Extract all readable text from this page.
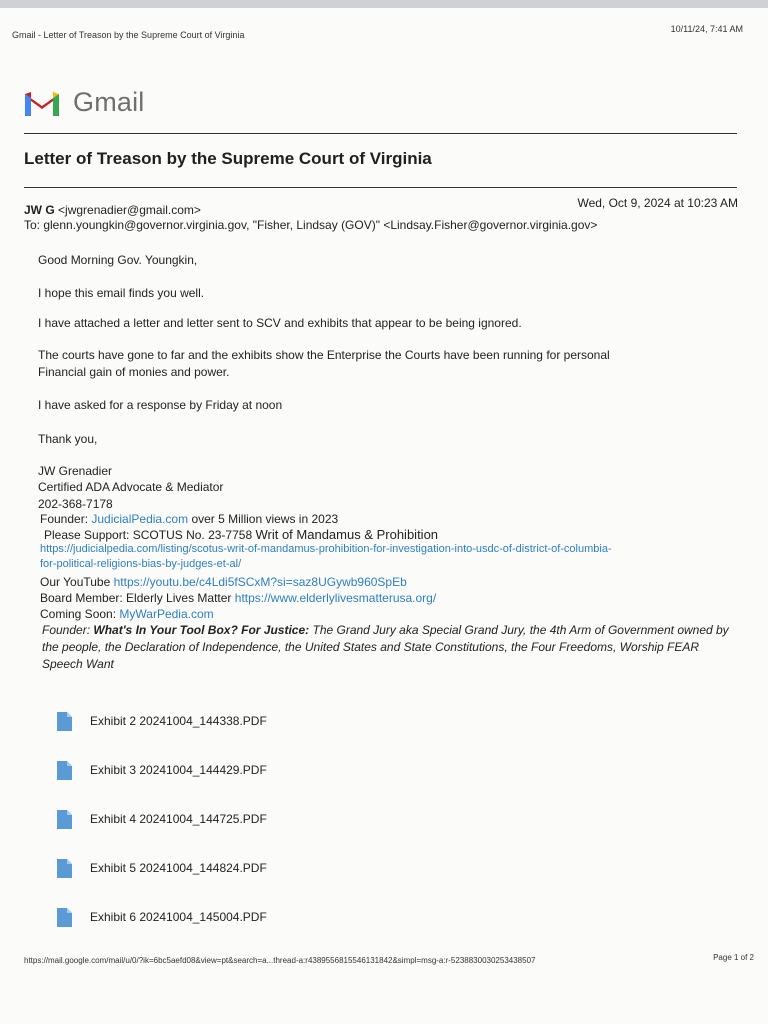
Gmail - Letter of Treason by the Supreme Court of Virginia
10/11/24, 7:41 AM
Gmail
Letter of Treason by the Supreme Court of Virginia
JW G <jwgrenadier@gmail.com>	Wed, Oct 9, 2024 at 10:23 AM
To: glenn.youngkin@governor.virginia.gov, "Fisher, Lindsay (GOV)" <Lindsay.Fisher@governor.virginia.gov>
Good Morning Gov. Youngkin,
I hope this email finds you well.
I have attached a letter and letter sent to SCV and exhibits that appear to be being ignored.
The courts have gone to far and the exhibits show the Enterprise the Courts have been running for personal
Financial gain of monies and power.
I have asked for a response by Friday at noon
Thank you,
JW Grenadier
Certified ADA Advocate & Mediator
202-368-7178
Founder: JudicialPedia.com over 5 Million views in 2023
Please Support: SCOTUS No. 23-7758 Writ of Mandamus & Prohibition
https://judicialpedia.com/listing/scotus-writ-of-mandamus-prohibition-for-investigation-into-usdc-of-district-of-columbia-
for-political-religions-bias-by-judges-et-al/
Our YouTube https://youtu.be/c4Ldi5fSCxM?si=saz8UGywb960SpEb
Board Member: Elderly Lives Matter https://www.elderlylivesmatterusa.org/
Coming Soon: MyWarPedia.com
Founder: What's In Your Tool Box? For Justice: The Grand Jury aka Special Grand Jury, the 4th Arm of Government owned by the people, the Declaration of Independence, the United States and State Constitutions, the Four Freedoms, Worship FEAR Speech Want
Exhibit 2 20241004_144338.PDF
Exhibit 3 20241004_144429.PDF
Exhibit 4 20241004_144725.PDF
Exhibit 5 20241004_144824.PDF
Exhibit 6 20241004_145004.PDF
https://mail.google.com/mail/u/0/?ik=6bc5aefd08&view=pt&search=a...thread-a:r4389556815546131842&simpl=msg-a:r-5238830030253438507	Page 1 of 2
